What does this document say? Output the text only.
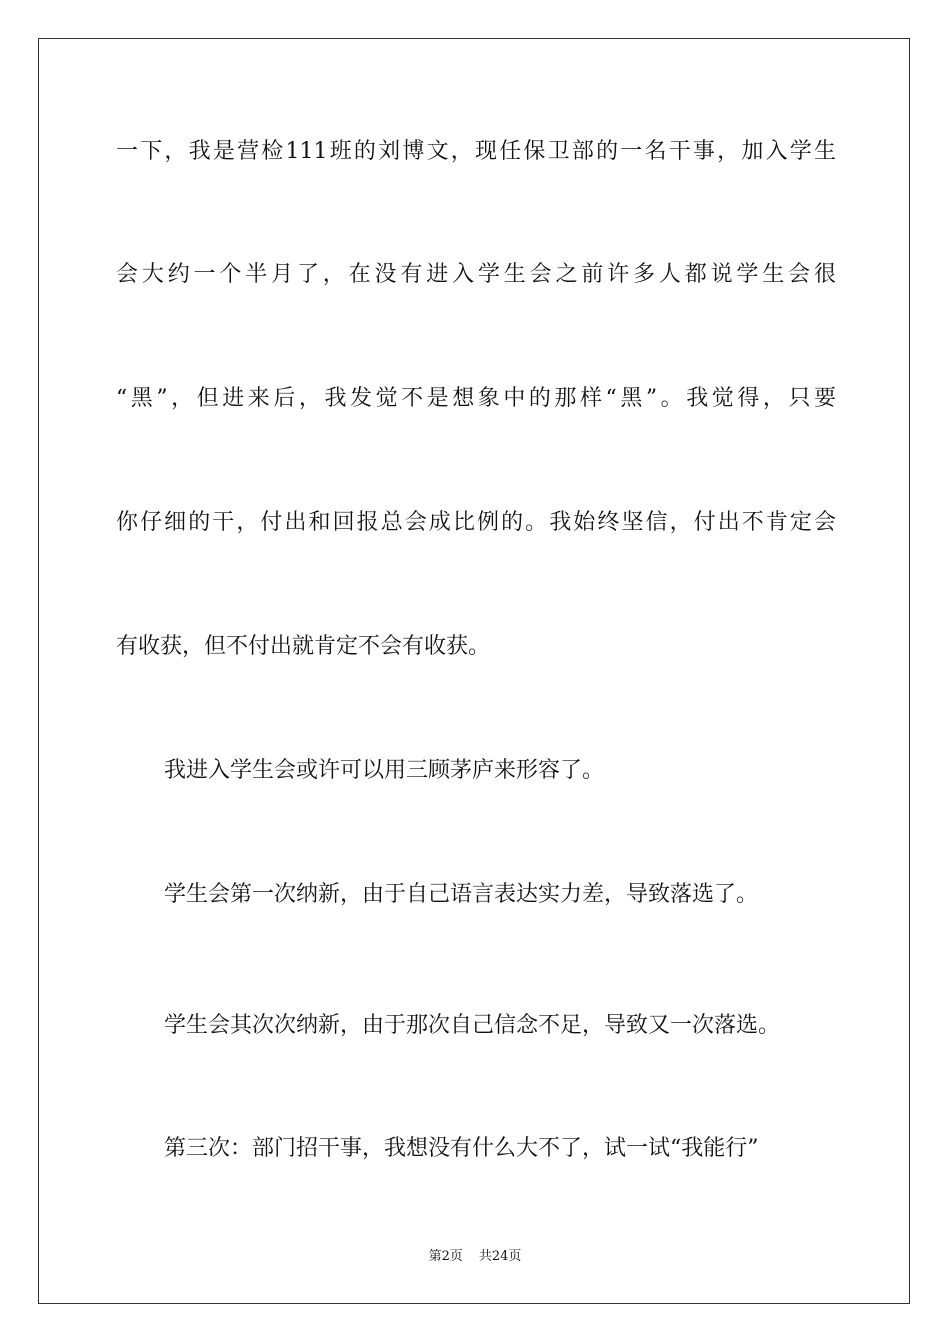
一下，我是营检111班的刘博文，现任保卫部的一名干事，加入学生
会大约一个半月了，在没有进入学生会之前许多人都说学生会很
“黑”，但进来后，我发觉不是想象中的那样“黑”。我觉得，只要
你仔细的干，付出和回报总会成比例的。我始终坚信，付出不肯定会
有收获，但不付出就肯定不会有收获。
我进入学生会或许可以用三顾茅庐来形容了。
学生会第一次纳新，由于自己语言表达实力差，导致落选了。
学生会其次次纳新，由于那次自己信念不足，导致又一次落选。
第三次：部门招干事，我想没有什么大不了，试一试“我能行”
第2页 共24页
